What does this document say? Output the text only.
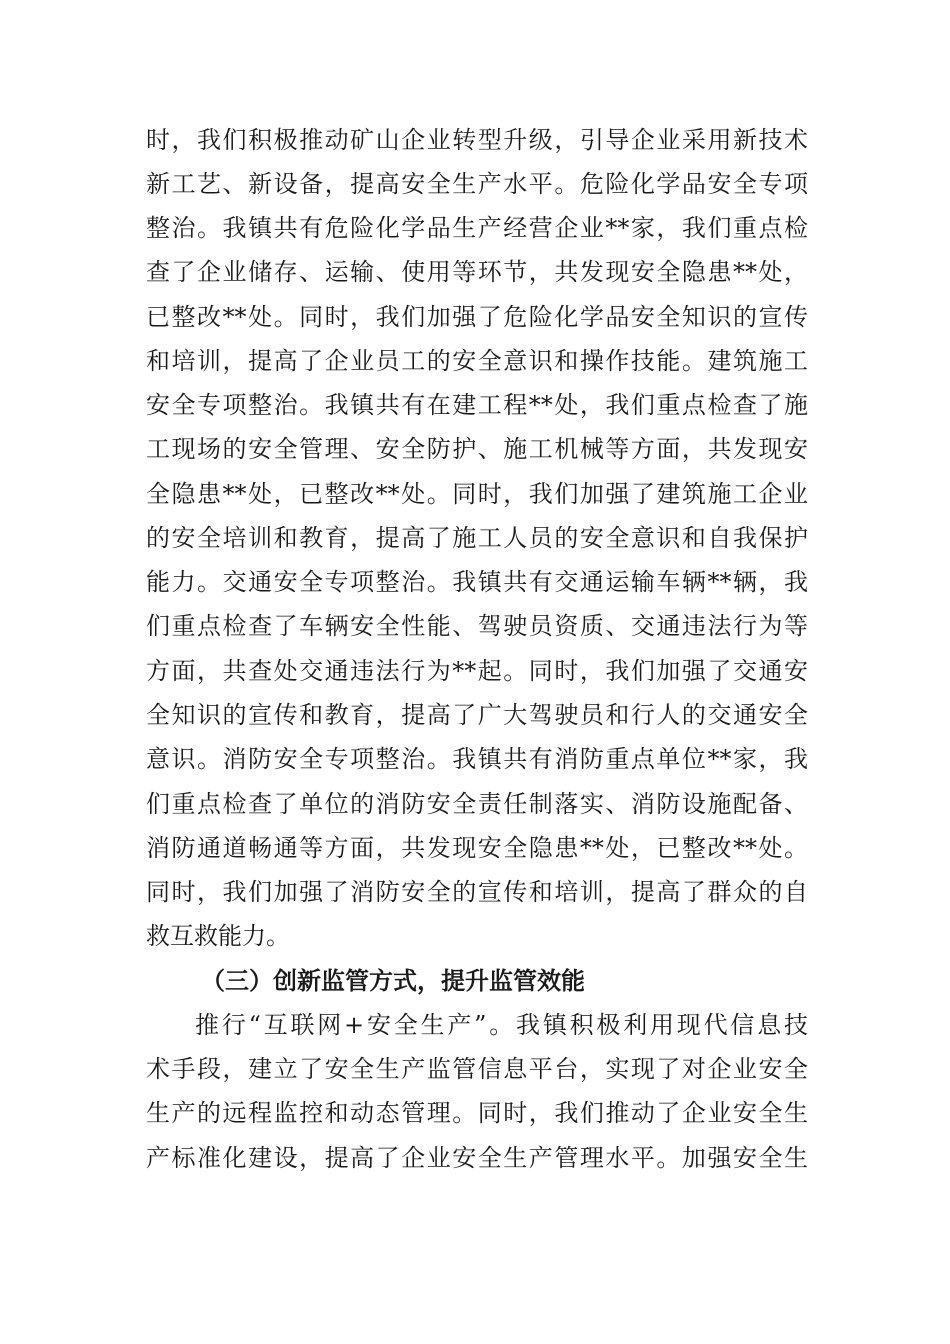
时，我们积极推动矿山企业转型升级，引导企业采用新技术
新工艺、新设备，提高安全生产水平。危险化学品安全专项
整治。我镇共有危险化学品生产经营企业**家，我们重点检
查了企业储存、运输、使用等环节，共发现安全隐患**处，
已整改**处。同时，我们加强了危险化学品安全知识的宣传
和培训，提高了企业员工的安全意识和操作技能。建筑施工
安全专项整治。我镇共有在建工程**处，我们重点检查了施
工现场的安全管理、安全防护、施工机械等方面，共发现安
全隐患**处，已整改**处。同时，我们加强了建筑施工企业
的安全培训和教育，提高了施工人员的安全意识和自我保护
能力。交通安全专项整治。我镇共有交通运输车辆**辆，我
们重点检查了车辆安全性能、驾驶员资质、交通违法行为等
方面，共查处交通违法行为**起。同时，我们加强了交通安
全知识的宣传和教育，提高了广大驾驶员和行人的交通安全
意识。消防安全专项整治。我镇共有消防重点单位**家，我
们重点检查了单位的消防安全责任制落实、消防设施配备、
消防通道畅通等方面，共发现安全隐患**处，已整改**处。
同时，我们加强了消防安全的宣传和培训，提高了群众的自
救互救能力。
（三）创新监管方式，提升监管效能
推行“互联网+安全生产”。我镇积极利用现代信息技
术手段，建立了安全生产监管信息平台，实现了对企业安全
生产的远程监控和动态管理。同时，我们推动了企业安全生
产标准化建设，提高了企业安全生产管理水平。加强安全生
